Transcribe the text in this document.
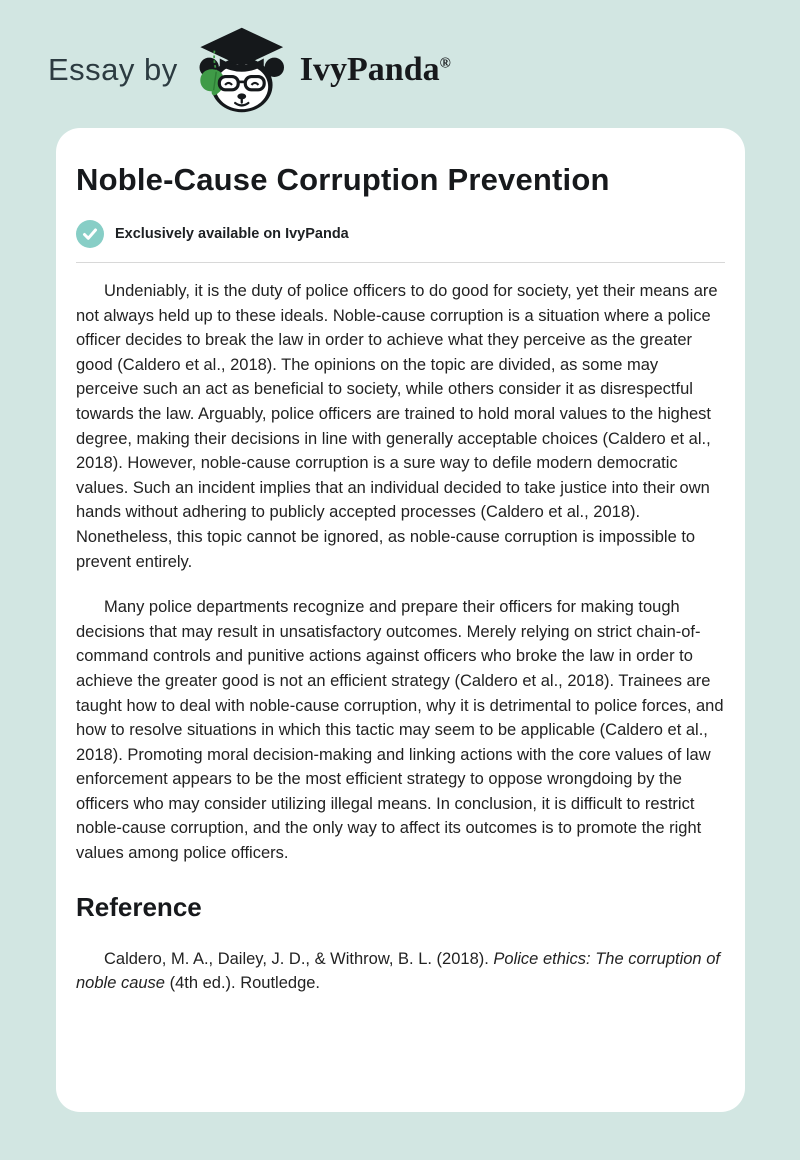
Essay by	IvyPanda®
Noble-Cause Corruption Prevention
Exclusively available on IvyPanda

Undeniably, it is the duty of police officers to do good for society, yet their means are not always held up to these ideals. Noble-cause corruption is a situation where a police officer decides to break the law in order to achieve what they perceive as the greater good (Caldero et al., 2018). The opinions on the topic are divided, as some may perceive such an act as beneficial to society, while others consider it as disrespectful towards the law. Arguably, police officers are trained to hold moral values to the highest degree, making their decisions in line with generally acceptable choices (Caldero et al., 2018). However, noble-cause corruption is a sure way to defile modern democratic values. Such an incident implies that an individual decided to take justice into their own hands without adhering to publicly accepted processes (Caldero et al., 2018). Nonetheless, this topic cannot be ignored, as noble-cause corruption is impossible to prevent entirely.

Many police departments recognize and prepare their officers for making tough decisions that may result in unsatisfactory outcomes. Merely relying on strict chain-of-command controls and punitive actions against officers who broke the law in order to achieve the greater good is not an efficient strategy (Caldero et al., 2018). Trainees are taught how to deal with noble-cause corruption, why it is detrimental to police forces, and how to resolve situations in which this tactic may seem to be applicable (Caldero et al., 2018). Promoting moral decision-making and linking actions with the core values of law enforcement appears to be the most efficient strategy to oppose wrongdoing by the officers who may consider utilizing illegal means. In conclusion, it is difficult to restrict noble-cause corruption, and the only way to affect its outcomes is to promote the right values among police officers.

Reference

Caldero, M. A., Dailey, J. D., & Withrow, B. L. (2018). Police ethics: The corruption of noble cause (4th ed.). Routledge.
